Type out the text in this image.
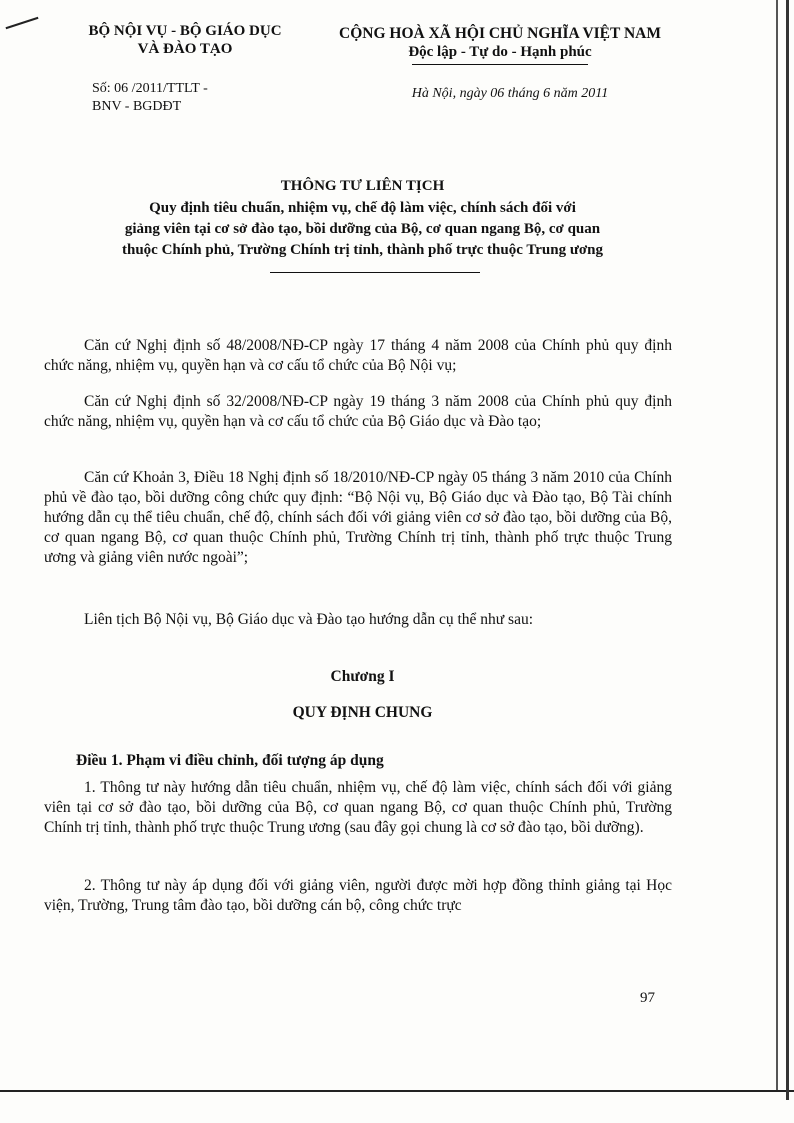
BỘ NỘI VỤ - BỘ GIÁO DỤC
VÀ ĐÀO TẠO
Số: 06 /2011/TTLT -
BNV - BGDĐT
CỘNG HOÀ XÃ HỘI CHỦ NGHĨA VIỆT NAM
Độc lập - Tự do - Hạnh phúc
Hà Nội, ngày 06 tháng 6 năm 2011
THÔNG TƯ LIÊN TỊCH
Quy định tiêu chuẩn, nhiệm vụ, chế độ làm việc, chính sách đối với
giảng viên tại cơ sở đào tạo, bồi dưỡng của Bộ, cơ quan ngang Bộ, cơ quan
thuộc Chính phủ, Trường Chính trị tỉnh, thành phố trực thuộc Trung ương
Căn cứ Nghị định số 48/2008/NĐ-CP ngày 17 tháng 4 năm 2008 của Chính phủ quy định chức năng, nhiệm vụ, quyền hạn và cơ cấu tổ chức của Bộ Nội vụ;
Căn cứ Nghị định số 32/2008/NĐ-CP ngày 19 tháng 3 năm 2008 của Chính phủ quy định chức năng, nhiệm vụ, quyền hạn và cơ cấu tổ chức của Bộ Giáo dục và Đào tạo;
Căn cứ Khoản 3, Điều 18 Nghị định số 18/2010/NĐ-CP ngày 05 tháng 3 năm 2010 của Chính phủ về đào tạo, bồi dưỡng công chức quy định: “Bộ Nội vụ, Bộ Giáo dục và Đào tạo, Bộ Tài chính hướng dẫn cụ thể tiêu chuẩn, chế độ, chính sách đối với giảng viên cơ sở đào tạo, bồi dưỡng của Bộ, cơ quan ngang Bộ, cơ quan thuộc Chính phủ, Trường Chính trị tỉnh, thành phố trực thuộc Trung ương và giảng viên nước ngoài”;
Liên tịch Bộ Nội vụ, Bộ Giáo dục và Đào tạo hướng dẫn cụ thể như sau:
Chương I
QUY ĐỊNH CHUNG
Điều 1. Phạm vi điều chỉnh, đối tượng áp dụng
1. Thông tư này hướng dẫn tiêu chuẩn, nhiệm vụ, chế độ làm việc, chính sách đối với giảng viên tại cơ sở đào tạo, bồi dưỡng của Bộ, cơ quan ngang Bộ, cơ quan thuộc Chính phủ, Trường Chính trị tỉnh, thành phố trực thuộc Trung ương (sau đây gọi chung là cơ sở đào tạo, bồi dưỡng).
2. Thông tư này áp dụng đối với giảng viên, người được mời hợp đồng thỉnh giảng tại Học viện, Trường, Trung tâm đào tạo, bồi dưỡng cán bộ, công chức trực
97
